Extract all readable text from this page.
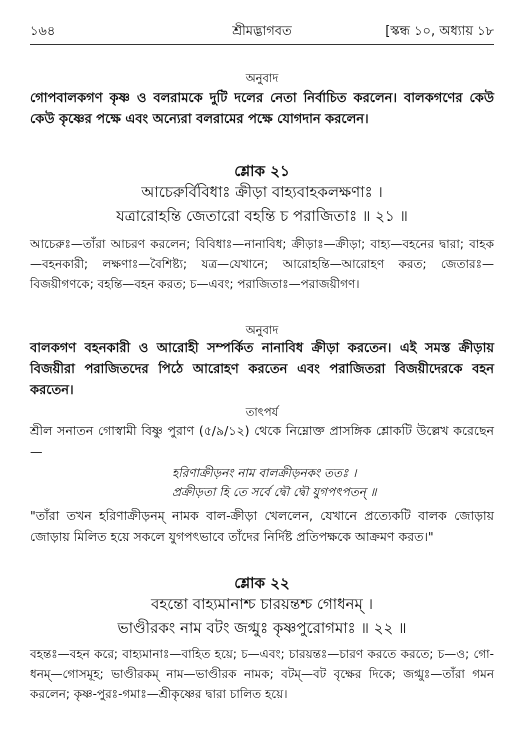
শ্রীমদ্ভাগবত
১৬৪	[স্কন্ধ ১০, অধ্যায় ১৮
অনুবাদ

গোপবালকগণ কৃষ্ণ ও বলরামকে দুটি দলের নেতা নির্বাচিত করলেন। বালকগণের কেউ কেউ কৃষ্ণের পক্ষে এবং অন্যেরা বলরামের পক্ষে যোগদান করলেন।

শ্লোক ২১
আচেরুর্বিবিধাঃ ক্রীড়া বাহ্যবাহকলক্ষণাঃ ।
যত্রারোহন্তি জেতারো বহন্তি চ পরাজিতাঃ ॥ ২১ ॥

আচেরুঃ—তাঁরা আচরণ করলেন; বিবিধাঃ—নানাবিধ; ক্রীড়াঃ—ক্রীড়া; বাহ্য—বহনের দ্বারা; বাহক—বহনকারী; লক্ষণাঃ—বৈশিষ্ট্য; যত্র—যেখানে; আরোহন্তি—আরোহণ করত; জেতারঃ—বিজয়ীগণকে; বহন্তি—বহন করত; চ—এবং; পরাজিতাঃ—পরাজয়ীগণ।

অনুবাদ

বালকগণ বহনকারী ও আরোহী সম্পর্কিত নানাবিধ ক্রীড়া করতেন। এই সমস্ত ক্রীড়ায় বিজয়ীরা পরাজিতদের পিঠে আরোহণ করতেন এবং পরাজিতরা বিজয়ীদেরকে বহন করতেন।

তাৎপর্য

শ্রীল সনাতন গোস্বামী বিষ্ণু পুরাণ (৫/৯/১২) থেকে নিম্নোক্ত প্রাসঙ্গিক শ্লোকটি উল্লেখ করেছেন—

হরিণাক্রীড়নং নাম বালক্রীড়নকং ততঃ ।
প্রক্রীড়তা হি তে সর্বে দ্বৌ দ্বৌ যুগপৎপতন্ ॥

"তাঁরা তখন হরিণাক্রীড়নম্ নামক বাল-ক্রীড়া খেললেন, যেখানে প্রত্যেকটি বালক জোড়ায় জোড়ায় মিলিত হয়ে সকলে যুগপৎভাবে তাঁদের নির্দিষ্ট প্রতিপক্ষকে আক্রমণ করত।"

শ্লোক ২২
বহন্তো বাহ্যমানাশ্চ চারয়ন্তশ্চ গোধনম্ ।
ভাণ্ডীরকং নাম বটং জগ্মুঃ কৃষ্ণপুরোগমাঃ ॥ ২২ ॥

বহন্তঃ—বহন করে; বাহ্যমানাঃ—বাহিত হয়ে; চ—এবং; চারয়ন্তঃ—চারণ করতে করতে; চ—ও; গো-ধনম্—গোসমূহ; ভাণ্ডীরকম্ নাম—ভাণ্ডীরক নামক; বটম্—বট বৃক্ষের দিকে; জগ্মুঃ—তাঁরা গমন করলেন; কৃষ্ণ-পুরঃ-গমাঃ—শ্রীকৃষ্ণের দ্বারা চালিত হয়ে।
